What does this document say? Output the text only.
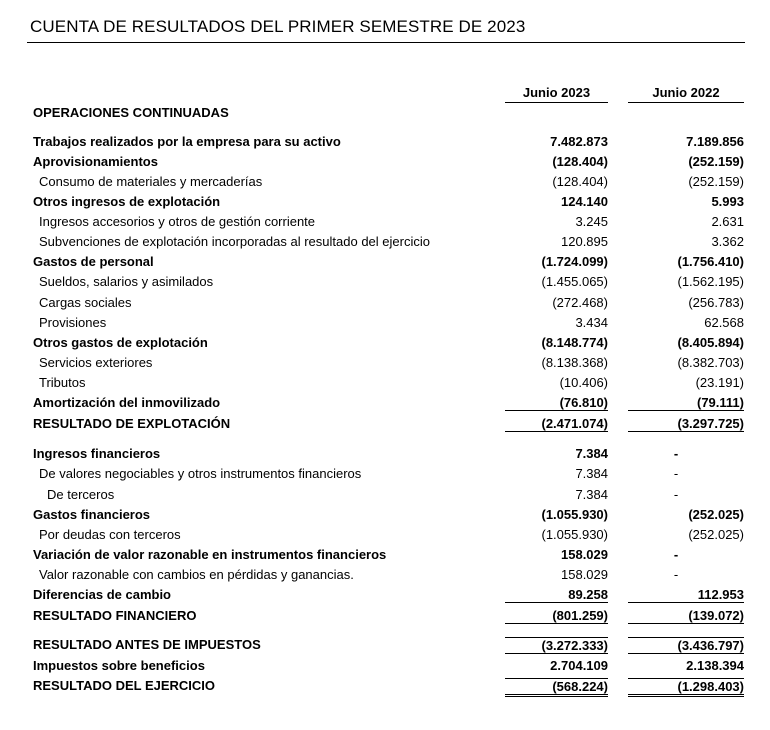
CUENTA DE RESULTADOS DEL PRIMER SEMESTRE DE 2023
Junio 2023	Junio 2022
OPERACIONES CONTINUADAS
Trabajos realizados por la empresa para su activo	7.482.873	7.189.856
Aprovisionamientos	(128.404)	(252.159)
Consumo de materiales y mercaderías	(128.404)	(252.159)
Otros ingresos de explotación	124.140	5.993
Ingresos accesorios y otros de gestión corriente	3.245	2.631
Subvenciones de explotación incorporadas al resultado del ejercicio	120.895	3.362
Gastos de personal	(1.724.099)	(1.756.410)
Sueldos, salarios y asimilados	(1.455.065)	(1.562.195)
Cargas sociales	(272.468)	(256.783)
Provisiones	3.434	62.568
Otros gastos de explotación	(8.148.774)	(8.405.894)
Servicios exteriores	(8.138.368)	(8.382.703)
Tributos	(10.406)	(23.191)
Amortización del inmovilizado	(76.810)	(79.111)
RESULTADO DE EXPLOTACIÓN	(2.471.074)	(3.297.725)
Ingresos financieros	7.384	-
De valores negociables y otros instrumentos financieros	7.384	-
De terceros	7.384	-
Gastos financieros	(1.055.930)	(252.025)
Por deudas con terceros	(1.055.930)	(252.025)
Variación de valor razonable en instrumentos financieros	158.029	-
Valor razonable con cambios en pérdidas y ganancias.	158.029	-
Diferencias de cambio	89.258	112.953
RESULTADO FINANCIERO	(801.259)	(139.072)
RESULTADO ANTES DE IMPUESTOS	(3.272.333)	(3.436.797)
Impuestos sobre beneficios	2.704.109	2.138.394
RESULTADO DEL EJERCICIO	(568.224)	(1.298.403)
